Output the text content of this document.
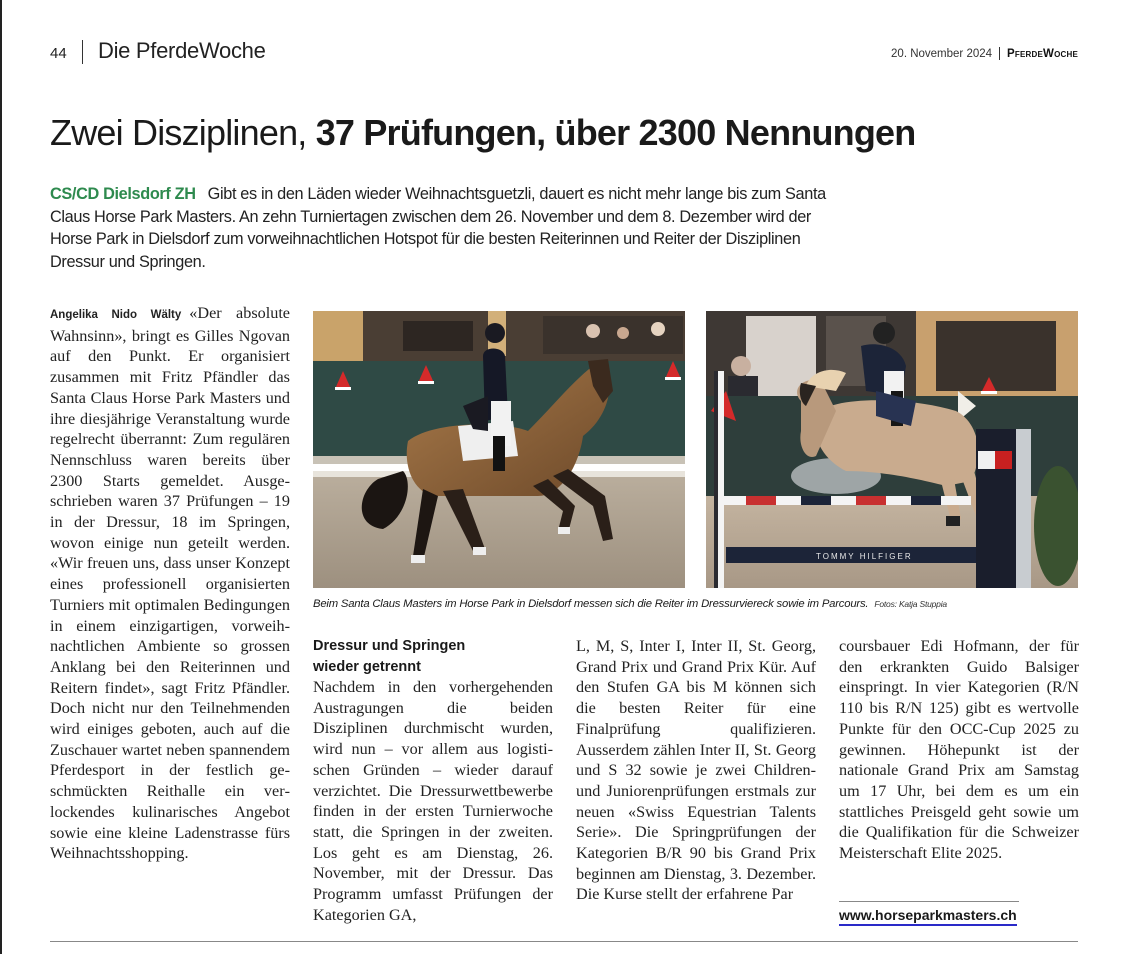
44 Die PferdeWoche	20. November 2024 PferdeWoche
Zwei Disziplinen, 37 Prüfungen, über 2300 Nennungen

CS/CD Dielsdorf ZH Gibt es in den Läden wieder Weihnachtsguetzli, dauert es nicht mehr lange bis zum Santa Claus Horse Park Masters. An zehn Turniertagen zwischen dem 26. November und dem 8. Dezember wird der Horse Park in Dielsdorf zum vorweihnachtlichen Hotspot für die besten Reiterinnen und Reiter der Disziplinen Dressur und Springen.

Angelika Nido Wälty «Der absolute Wahnsinn», bringt es Gilles Ngovan auf den Punkt. Er organisiert zusammen mit Fritz Pfändler das Santa Claus Horse Park Masters und ihre diesjährige Veranstaltung wurde regelrecht überrannt: Zum regulären Nennschluss waren bereits über 2300 Starts gemeldet. Ausgeschrieben waren 37 Prüfungen – 19 in der Dressur, 18 im Springen, wovon einige nun geteilt werden. «Wir freuen uns, dass unser Konzept eines professionell organisierten Turniers mit optimalen Bedingungen in einem einzigartigen, vorweihnachtlichen Ambiente so grossen Anklang bei den Reiterinnen und Reitern findet», sagt Fritz Pfändler. Doch nicht nur den Teilnehmenden wird einiges geboten, auch auf die Zuschauer wartet neben spannendem Pferdesport in der festlich geschmückten Reithalle ein verlockendes kulinarisches Angebot sowie eine kleine Ladenstrasse fürs Weihnachtsshopping.
TOMMY HILFIGER
Beim Santa Claus Masters im Horse Park in Dielsdorf messen sich die Reiter im Dressurviereck sowie im Parcours. Fotos: Katja Stuppia
Dressur und Springen
wieder getrennt
Nachdem in den vorhergehenden Austragungen die beiden Disziplinen durchmischt wurden, wird nun – vor allem aus logistischen Gründen – wieder darauf verzichtet. Die Dressurwettbewerbe finden in der ersten Turnierwoche statt, die Springen in der zweiten. Los geht es am Dienstag, 26. November, mit der Dressur. Das Programm umfasst Prüfungen der Kategorien GA,
L, M, S, Inter I, Inter II, St. Georg, Grand Prix und Grand Prix Kür. Auf den Stufen GA bis M können sich die besten Reiter für eine Finalprüfung qualifizieren. Ausserdem zählen Inter II, St. Georg und S 32 sowie je zwei Children- und Juniorenprüfungen erstmals zur neuen «Swiss Equestrian Talents Serie». Die Springprüfungen der Kategorien B/R 90 bis Grand Prix beginnen am Dienstag, 3. Dezember. Die Kurse stellt der erfahrene Par
coursbauer Edi Hofmann, der für den erkrankten Guido Balsiger einspringt. In vier Kategorien (R/N 110 bis R/N 125) gibt es wertvolle Punkte für den OCC-Cup 2025 zu gewinnen. Höhepunkt ist der nationale Grand Prix am Samstag um 17 Uhr, bei dem es um ein stattliches Preisgeld geht sowie um die Qualifikation für die Schweizer Meisterschaft Elite 2025.
www.horseparkmasters.ch
